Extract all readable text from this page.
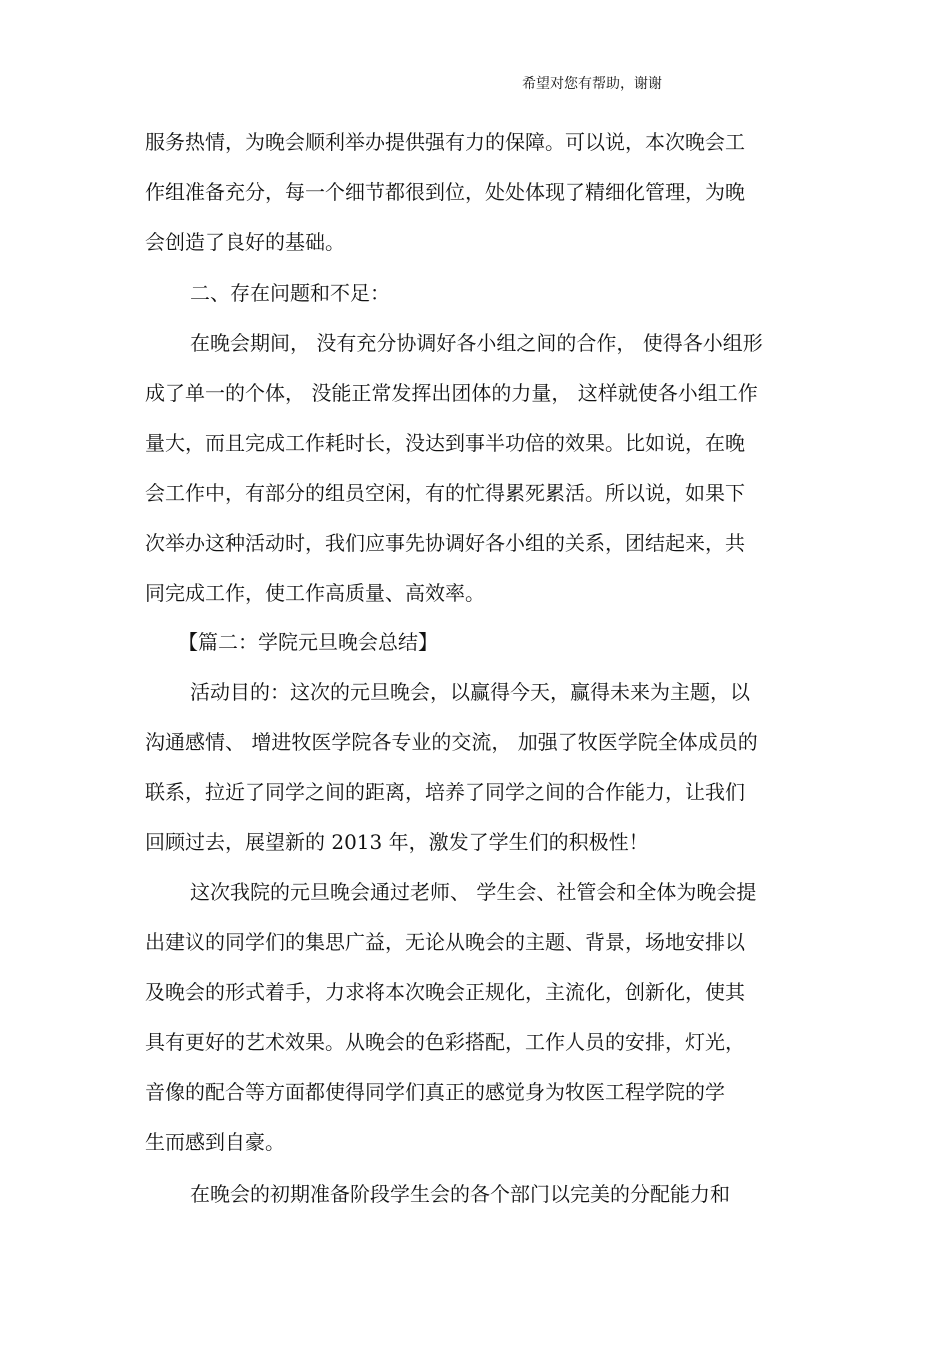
希望对您有帮助，谢谢
服务热情，为晚会顺利举办提供强有力的保障。可以说，本次晚会工
作组准备充分，每一个细节都很到位，处处体现了精细化管理，为晚
会创造了良好的基础。
二、存在问题和不足：
在晚会期间， 没有充分协调好各小组之间的合作， 使得各小组形
成了单一的个体， 没能正常发挥出团体的力量， 这样就使各小组工作
量大，而且完成工作耗时长，没达到事半功倍的效果。比如说，在晚
会工作中，有部分的组员空闲，有的忙得累死累活。所以说，如果下
次举办这种活动时，我们应事先协调好各小组的关系，团结起来，共
同完成工作，使工作高质量、高效率。
【篇二：学院元旦晚会总结】
活动目的：这次的元旦晚会，以赢得今天，赢得未来为主题，以
沟通感情、 增进牧医学院各专业的交流， 加强了牧医学院全体成员的
联系，拉近了同学之间的距离，培养了同学之间的合作能力，让我们
回顾过去，展望新的 2013 年，激发了学生们的积极性！
这次我院的元旦晚会通过老师、 学生会、社管会和全体为晚会提
出建议的同学们的集思广益，无论从晚会的主题、背景，场地安排以
及晚会的形式着手，力求将本次晚会正规化，主流化，创新化，使其
具有更好的艺术效果。从晚会的色彩搭配，工作人员的安排，灯光，
音像的配合等方面都使得同学们真正的感觉身为牧医工程学院的学
生而感到自豪。
在晚会的初期准备阶段学生会的各个部门以完美的分配能力和
